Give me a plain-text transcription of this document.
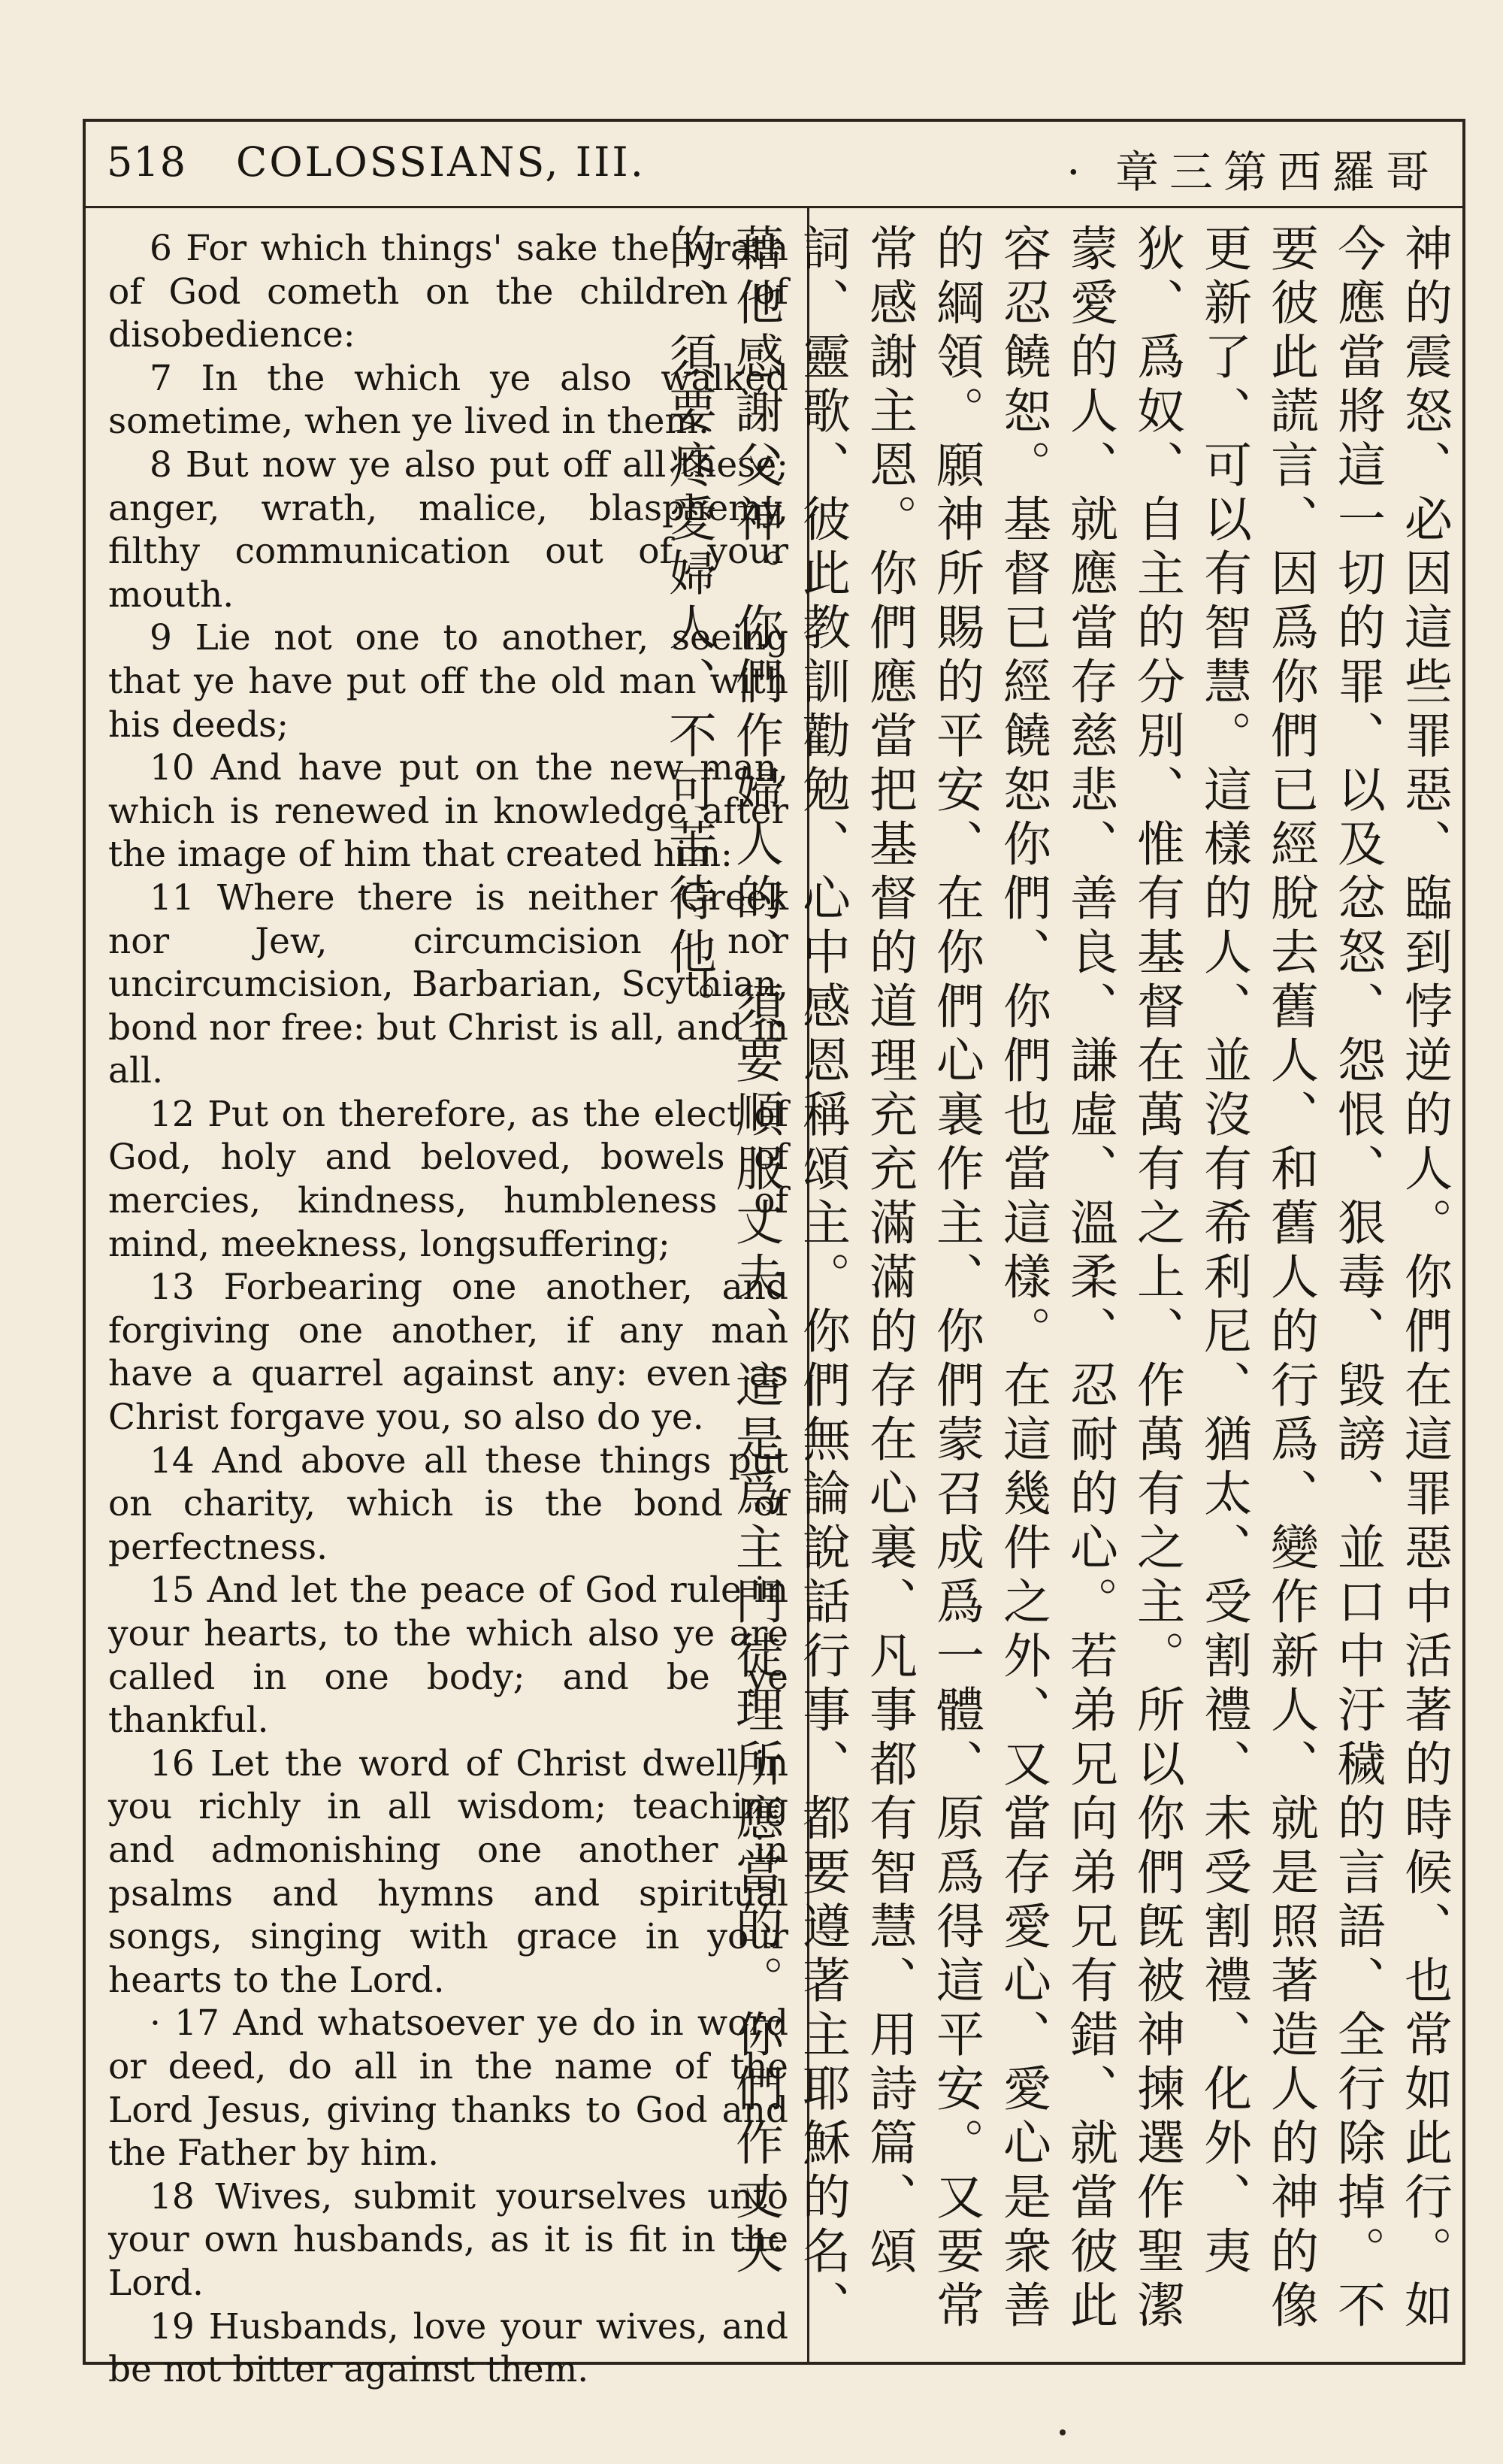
518 COLOSSIANS, III.	· 章三第西羅哥

6 For which things' sake the wrath of God cometh on the children of disobedience:

7 In the which ye also walked sometime, when ye lived in them.

8 But now ye also put off all these; anger, wrath, malice, blasphemy, filthy communication out of your mouth.

9 Lie not one to another, seeing that ye have put off the old man with his deeds;

10 And have put on the new man, which is renewed in knowledge after the image of him that created him:

11 Where there is neither Greek nor Jew, circumcision nor uncircumcision, Barbarian, Scythian, bond nor free: but Christ is all, and in all.

12 Put on therefore, as the elect of God, holy and beloved, bowels of mercies, kindness, humbleness of mind, meekness, longsuffering;

13 Forbearing one another, and forgiving one another, if any man have a quarrel against any: even as Christ forgave you, so also do ye.

14 And above all these things put on charity, which is the bond of perfectness.

15 And let the peace of God rule in your hearts, to the which also ye are called in one body; and be ye thankful.

16 Let the word of Christ dwell in you richly in all wisdom; teaching and admonishing one another in psalms and hymns and spiritual songs, singing with grace in your hearts to the Lord.

· 17 And whatsoever ye do in word or deed, do all in the name of the Lord Jesus, giving thanks to God and the Father by him.

18 Wives, submit yourselves unto your own husbands, as it is fit in the Lord.

19 Husbands, love your wives, and be not bitter against them.

神的震怒、必因這些罪惡、臨到悖逆的人。你們在這罪惡中活著的時候、也常如此行。如今應當將這一切的罪、以及忿怒、怨恨、狠毒、毀謗、並口中汙穢的言語、全行除掉。不要彼此謊言、因爲你們已經脫去舊人、和舊人的行爲、變作新人、就是照著造人的神的像更新了、可以有智慧。這樣的人、並沒有希利尼、猶太、受割禮、未受割禮、化外、夷狄、爲奴、自主的分別、惟有基督在萬有之上、作萬有之主。所以你們旣被神揀選作聖潔蒙愛的人、就應當存慈悲、善良、謙虛、溫柔、忍耐的心。若弟兄向弟兄有錯、就當彼此容忍饒恕。基督已經饒恕你們、你們也當這樣。在這幾件之外、又當存愛心、愛心是衆善的綱領。願神所賜的平安、在你們心裏作主、你們蒙召成爲一體、原爲得這平安。又要常常感謝主恩。你們應當把基督的道理充充滿滿的存在心裏、凡事都有智慧、用詩篇、頌詞、靈歌、彼此教訓勸勉、心中感恩稱頌主。你們無論說話行事、都要遵著主耶穌的名、藉他感謝父神。你們作婦人的、須要順服丈夫、這是爲主門徒理所應當的。你們作丈夫的、須要疼愛婦人、不可苦待他。
